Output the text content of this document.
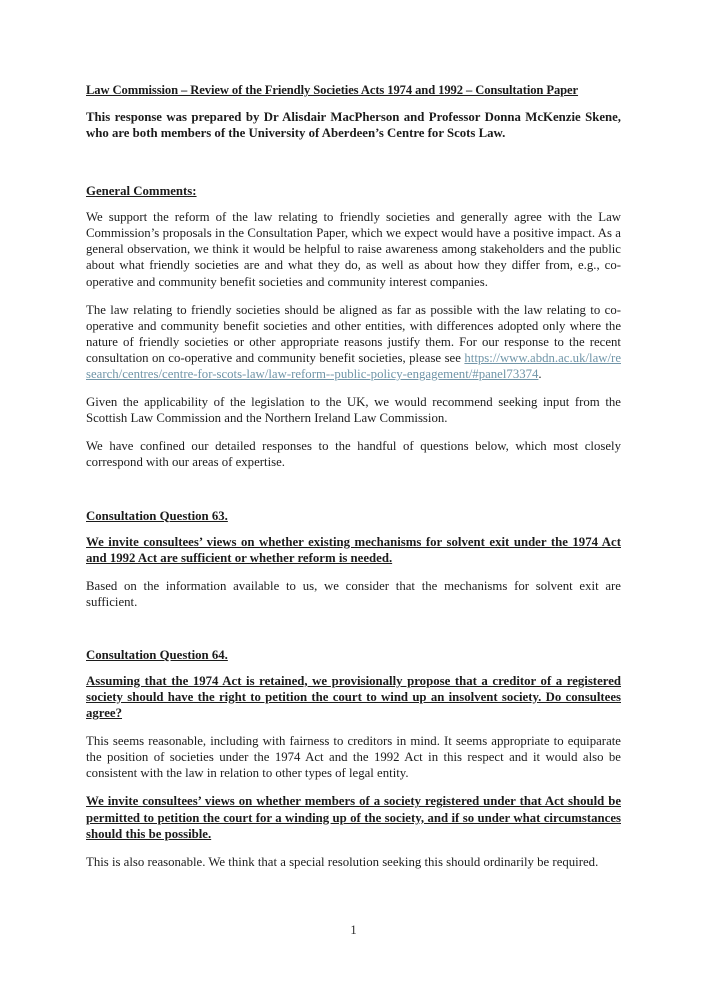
Law Commission – Review of the Friendly Societies Acts 1974 and 1992 – Consultation Paper

This response was prepared by Dr Alisdair MacPherson and Professor Donna McKenzie Skene, who are both members of the University of Aberdeen’s Centre for Scots Law.

General Comments:

We support the reform of the law relating to friendly societies and generally agree with the Law Commission’s proposals in the Consultation Paper, which we expect would have a positive impact. As a general observation, we think it would be helpful to raise awareness among stakeholders and the public about what friendly societies are and what they do, as well as about how they differ from, e.g., co-operative and community benefit societies and community interest companies.

The law relating to friendly societies should be aligned as far as possible with the law relating to co-operative and community benefit societies and other entities, with differences adopted only where the nature of friendly societies or other appropriate reasons justify them. For our response to the recent consultation on co-operative and community benefit societies, please see https://www.abdn.ac.uk/law/research/centres/centre-for-scots-law/law-reform--public-policy-engagement/#panel73374.

Given the applicability of the legislation to the UK, we would recommend seeking input from the Scottish Law Commission and the Northern Ireland Law Commission.

We have confined our detailed responses to the handful of questions below, which most closely correspond with our areas of expertise.

Consultation Question 63.

We invite consultees’ views on whether existing mechanisms for solvent exit under the 1974 Act and 1992 Act are sufficient or whether reform is needed.

Based on the information available to us, we consider that the mechanisms for solvent exit are sufficient.

Consultation Question 64.

Assuming that the 1974 Act is retained, we provisionally propose that a creditor of a registered society should have the right to petition the court to wind up an insolvent society. Do consultees agree?

This seems reasonable, including with fairness to creditors in mind. It seems appropriate to equiparate the position of societies under the 1974 Act and the 1992 Act in this respect and it would also be consistent with the law in relation to other types of legal entity.

We invite consultees’ views on whether members of a society registered under that Act should be permitted to petition the court for a winding up of the society, and if so under what circumstances should this be possible.

This is also reasonable. We think that a special resolution seeking this should ordinarily be required.

1
